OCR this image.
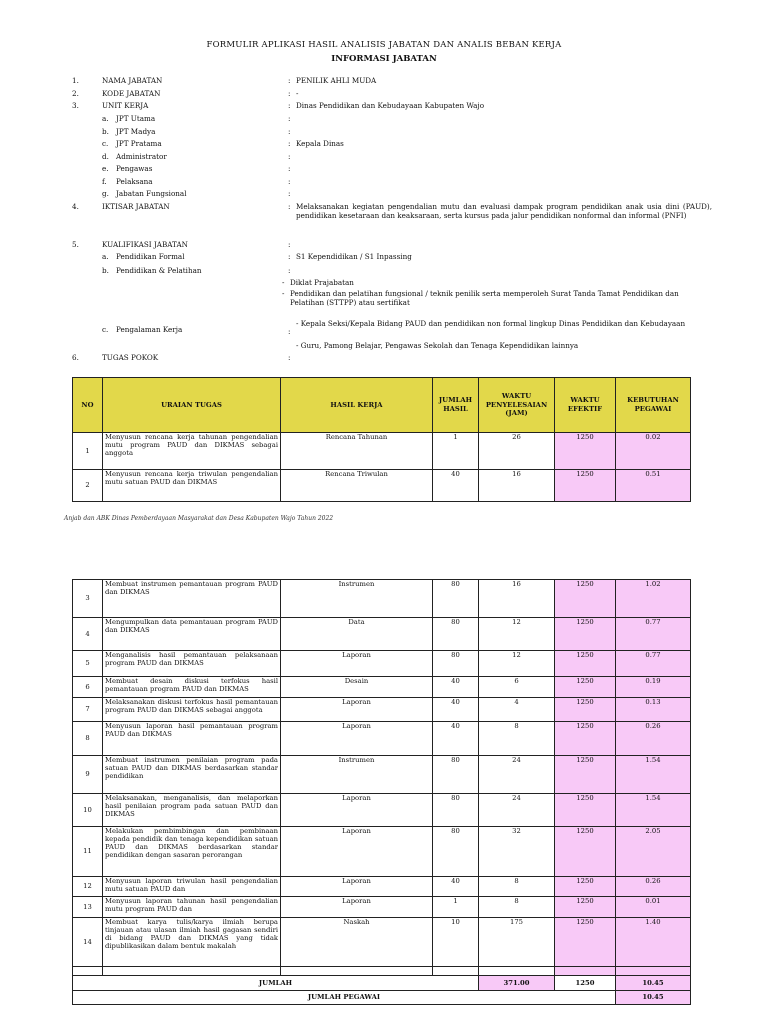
FORMULIR APLIKASI HASIL ANALISIS JABATAN DAN ANALIS BEBAN KERJA
INFORMASI JABATAN
1.	NAMA JABATAN	: PENILIK AHLI MUDA
2.	KODE JABATAN	: -
3.	UNIT KERJA	: Dinas Pendidikan dan Kebudayaan Kabupaten Wajo
a.	JPT Utama	:
b. JPT Madya	:
c.	JPT Pratama	: Kepala Dinas
d. Administrator	:
e.	Pengawas	:
f.	Pelaksana	:
g. Jabatan Fungsional	:
4.	IKTISAR JABATAN	: Melaksanakan kegiatan pengendalian mutu dan evaluasi dampak program pendidikan anak usia dini (PAUD), pendidikan kesetaraan dan keaksaraan, serta kursus pada jalur pendidikan nonformal dan informal (PNFI)
5.	KUALIFIKASI JABATAN	:
a.	Pendidikan Formal	: S1 Kependidikan / S1 Inpassing
b. Pendidikan & Pelatihan	:
- Diklat Prajabatan
- Pendidikan dan pelatihan fungsional / teknik penilik serta memperoleh Surat Tanda Tamat Pendidikan dan Pelatihan (STTPP) atau sertifikat
c.	Pengalaman Kerja	:
- Kepala Seksi/Kepala Bidang PAUD dan pendidikan non formal lingkup Dinas Pendidikan dan Kebudayaan
- Guru, Pamong Belajar, Pengawas Sekolah dan Tenaga Kependidikan lainnya
6.	TUGAS POKOK	:
NO	URAIAN TUGAS	HASIL KERJA	JUMLAH HASIL	WAKTU PENYELESAIAN (JAM)	WAKTU EFEKTIF	KEBUTUHAN PEGAWAI
1	Menyusun rencana kerja tahunan pengendalian mutu program PAUD dan DIKMAS sebagai anggota	Rencana Tahunan	1	26	1250	0.02
2	Menyusun rencana kerja triwulan pengendalian mutu satuan PAUD dan DIKMAS	Rencana Triwulan	40	16	1250	0.51
Anjab dan ABK Dinas Pemberdayaan Masyarakat dan Desa Kabupaten Wajo Tahun 2022
3	Membuat instrumen pemantauan program PAUD dan DIKMAS	Instrumen	80	16	1250	1.02
4	Mengumpulkan data pemantauan program PAUD dan DIKMAS	Data	80	12	1250	0.77
5	Menganalisis hasil pemantauan pelaksanaan program PAUD dan DIKMAS	Laporan	80	12	1250	0.77
6	Membuat desain diskusi terfokus hasil pemantauan program PAUD dan DIKMAS	Desain	40	6	1250	0.19
7	Melaksanakan diskusi terfokus hasil pemantauan program PAUD dan DIKMAS sebagai anggota	Laporan	40	4	1250	0.13
8	Menyusun laporan hasil pemantauan program PAUD dan DIKMAS	Laporan	40	8	1250	0.26
9	Membuat instrumen penilaian program pada satuan PAUD dan DIKMAS berdasarkan standar pendidikan	Instrumen	80	24	1250	1.54
10	Melaksanakan, menganalisis, dan melaporkan hasil penilaian program pada satuan PAUD dan DIKMAS	Laporan	80	24	1250	1.54
11	Melakukan pembimbingan dan pembinaan kepada pendidik dan tenaga kependidikan satuan PAUD dan DIKMAS berdasarkan standar pendidikan dengan sasaran perorangan	Laporan	80	32	1250	2.05
12	Menyusun laporan triwulan hasil pengendalian mutu satuan PAUD dan	Laporan	40	8	1250	0.26
13	Menyusun laporan tahunan hasil pengendalian mutu program PAUD dan	Laporan	1	8	1250	0.01
14	Membuat karya tulis/karya ilmiah berupa tinjauan atau ulasan ilmiah hasil gagasan sendiri di bidang PAUD dan DIKMAS yang tidak dipublikasikan dalam bentuk makalah	Naskah	10	175	1250	1.40

JUMLAH				371.00	1250	10.45
JUMLAH PEGAWAI						10.45
